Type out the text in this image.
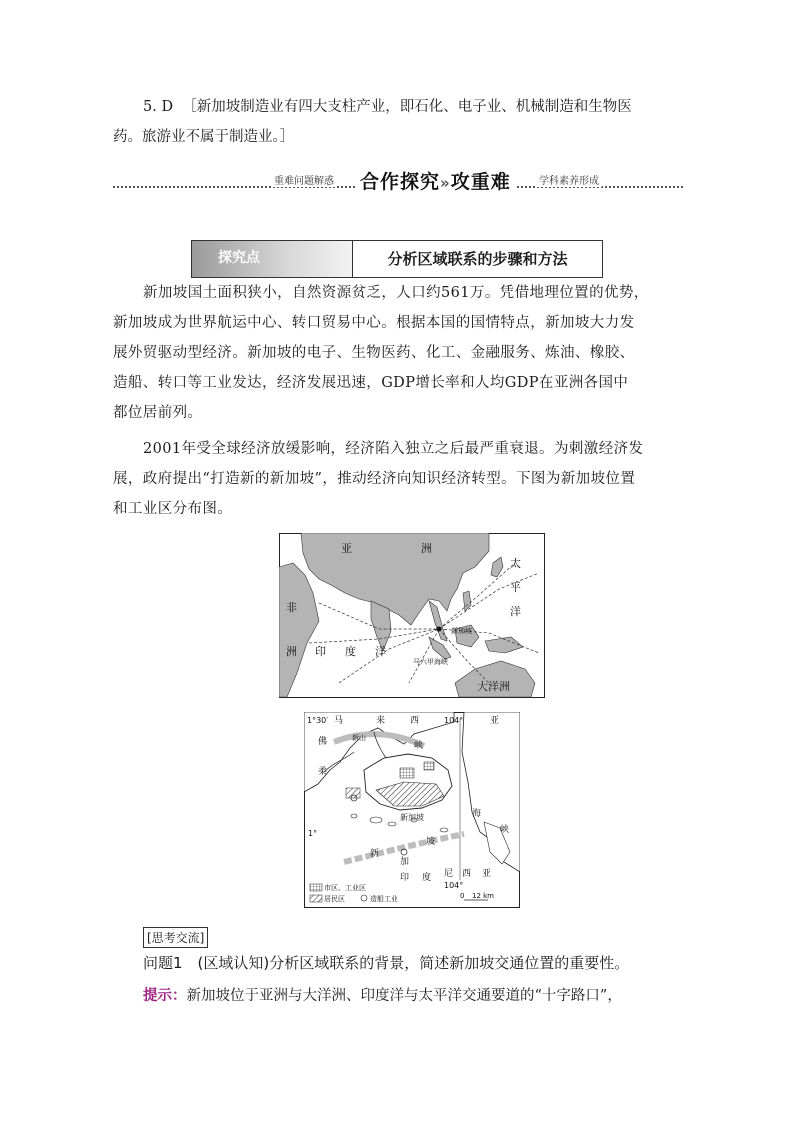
5. D ［新加坡制造业有四大支柱产业，即石化、电子业、机械制造和生物医
药。旅游业不属于制造业。］
重难问题解惑 合作探究»攻重难	学科素养形成
探究点	分析区域联系的步骤和方法
新加坡国土面积狭小，自然资源贫乏，人口约561万。凭借地理位置的优势，
新加坡成为世界航运中心、转口贸易中心。根据本国的国情特点，新加坡大力发
展外贸驱动型经济。新加坡的电子、生物医药、化工、金融服务、炼油、橡胶、
造船、转口等工业发达，经济发展迅速，GDP增长率和人均GDP在亚洲各国中
都位居前列。
2001年受全球经济放缓影响，经济陷入独立之后最严重衰退。为刺激经济发
展，政府提出“打造新的新加坡”，推动经济向知识经济转型。下图为新加坡位置
和工业区分布图。
亚	洲
太
平
洋
非
洲 印 度 洋
新加坡
马六甲海峡
大洋洲
1°30′ 马	来	西	104°	亚
佛	新山
峡
柔
新加坡	海
峡
新
加
坡
印 度 尼 西 亚
104°
1°
市区、工业区
居民区	造船工业	0 12 km
[思考交流]
问题1　(区域认知)分析区域联系的背景，简述新加坡交通位置的重要性。
提示：新加坡位于亚洲与大洋洲、印度洋与太平洋交通要道的“十字路口”，
